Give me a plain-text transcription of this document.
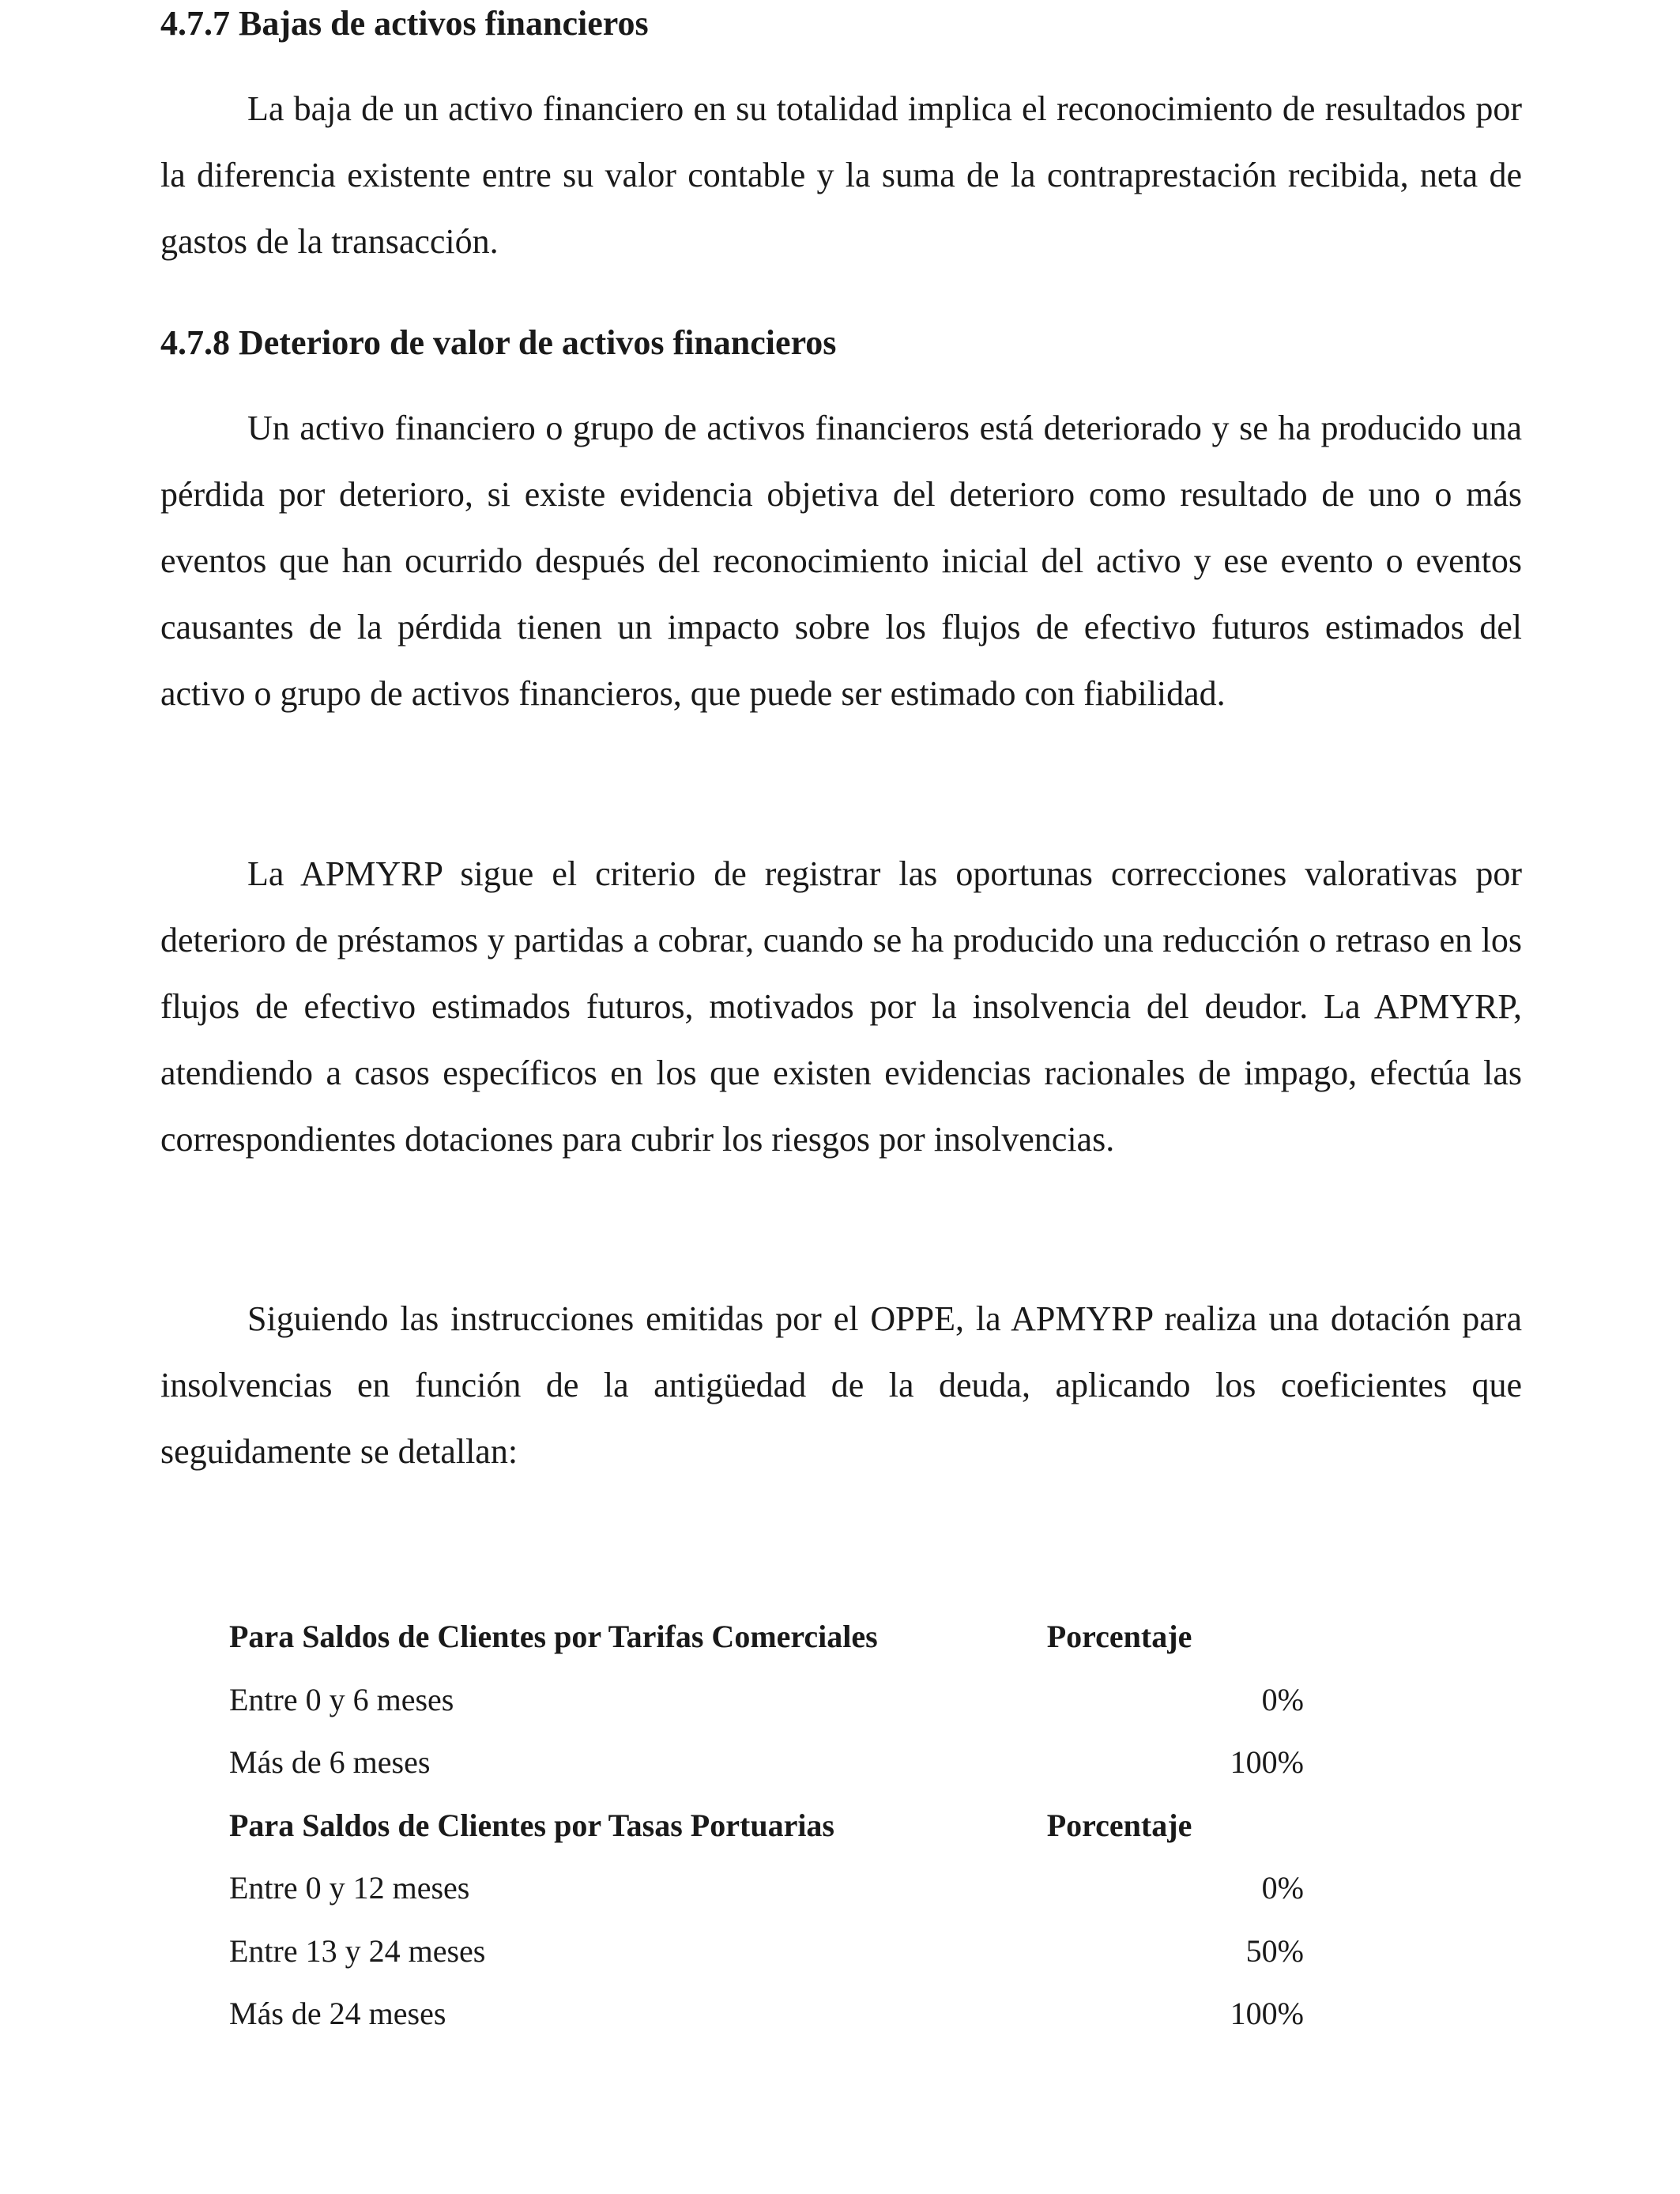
4.7.7 Bajas de activos financieros

La baja de un activo financiero en su totalidad implica el reconocimiento de resultados por la diferencia existente entre su valor contable y la suma de la contraprestación recibida, neta de gastos de la transacción.

4.7.8 Deterioro de valor de activos financieros

Un activo financiero o grupo de activos financieros está deteriorado y se ha producido una pérdida por deterioro, si existe evidencia objetiva del deterioro como resultado de uno o más eventos que han ocurrido después del reconocimiento inicial del activo y ese evento o eventos causantes de la pérdida tienen un impacto sobre los flujos de efectivo futuros estimados del activo o grupo de activos financieros, que puede ser estimado con fiabilidad.

La APMYRP sigue el criterio de registrar las oportunas correcciones valorativas por deterioro de préstamos y partidas a cobrar, cuando se ha producido una reducción o retraso en los flujos de efectivo estimados futuros, motivados por la insolvencia del deudor. La APMYRP, atendiendo a casos específicos en los que existen evidencias racionales de impago, efectúa las correspondientes dotaciones para cubrir los riesgos por insolvencias.

Siguiendo las instrucciones emitidas por el OPPE, la APMYRP realiza una dotación para insolvencias en función de la antigüedad de la deuda, aplicando los coeficientes que seguidamente se detallan:

Para Saldos de Clientes por Tarifas Comerciales	Porcentaje
Entre 0 y 6 meses	0%
Más de 6 meses	100%
Para Saldos de Clientes por Tasas Portuarias	Porcentaje
Entre 0 y 12 meses	0%
Entre 13 y 24 meses	50%
Más de 24 meses	100%
